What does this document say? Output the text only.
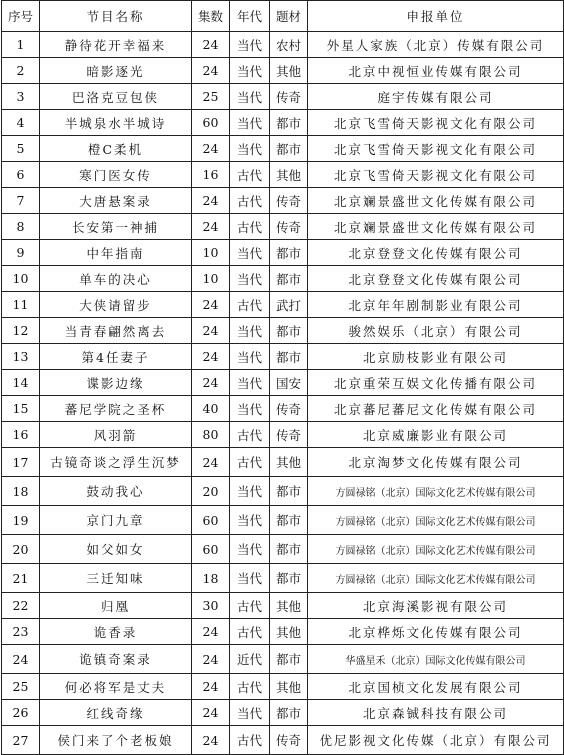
序号	节目名称	集数	年代	题材	申报单位
1	静待花开幸福来	24	当代	农村	外星人家族（北京）传媒有限公司
2	暗影逐光	24	当代	其他	北京中视恒业传媒有限公司
3	巴洛克豆包侠	25	当代	传奇	庭宇传媒有限公司
4	半城泉水半城诗	60	当代	都市	北京飞雪倚天影视文化有限公司
5	橙C柔机	24	当代	都市	北京飞雪倚天影视文化有限公司
6	寒门医女传	16	古代	其他	北京飞雪倚天影视文化有限公司
7	大唐悬案录	24	古代	传奇	北京斓景盛世文化传媒有限公司
8	长安第一神捕	24	古代	传奇	北京斓景盛世文化传媒有限公司
9	中年指南	10	当代	都市	北京登登文化传媒有限公司
10	单车的决心	10	当代	都市	北京登登文化传媒有限公司
11	大侠请留步	24	古代	武打	北京年年剧制影业有限公司
12	当青春翩然离去	24	当代	都市	骏然娱乐（北京）有限公司
13	第4任妻子	24	当代	都市	北京励枝影业有限公司
14	谍影边缘	24	当代	国安	北京重荣互娱文化传播有限公司
15	蕃尼学院之圣杯	40	当代	传奇	北京蕃尼蕃尼文化传媒有限公司
16	风羽箭	80	古代	传奇	北京威廉影业有限公司
17	古镜奇谈之浮生沉梦	24	古代	其他	北京淘梦文化传媒有限公司
18	鼓动我心	20	当代	都市	方圆禄铭（北京）国际文化艺术传媒有限公司
19	京门九章	60	当代	都市	方圆禄铭（北京）国际文化艺术传媒有限公司
20	如父如女	60	当代	都市	方圆禄铭（北京）国际文化艺术传媒有限公司
21	三迁知味	18	当代	都市	方圆禄铭（北京）国际文化艺术传媒有限公司
22	归凰	30	古代	其他	北京海溪影视有限公司
23	诡香录	24	古代	其他	北京桦烁文化传媒有限公司
24	诡镇奇案录	24	近代	都市	华盛星禾（北京）国际文化传媒有限公司
25	何必将军是丈夫	24	古代	其他	北京国桢文化发展有限公司
26	红线奇缘	24	当代	都市	北京森铖科技有限公司
27	侯门来了个老板娘	24	古代	传奇	优尼影视文化传媒（北京）有限公司
